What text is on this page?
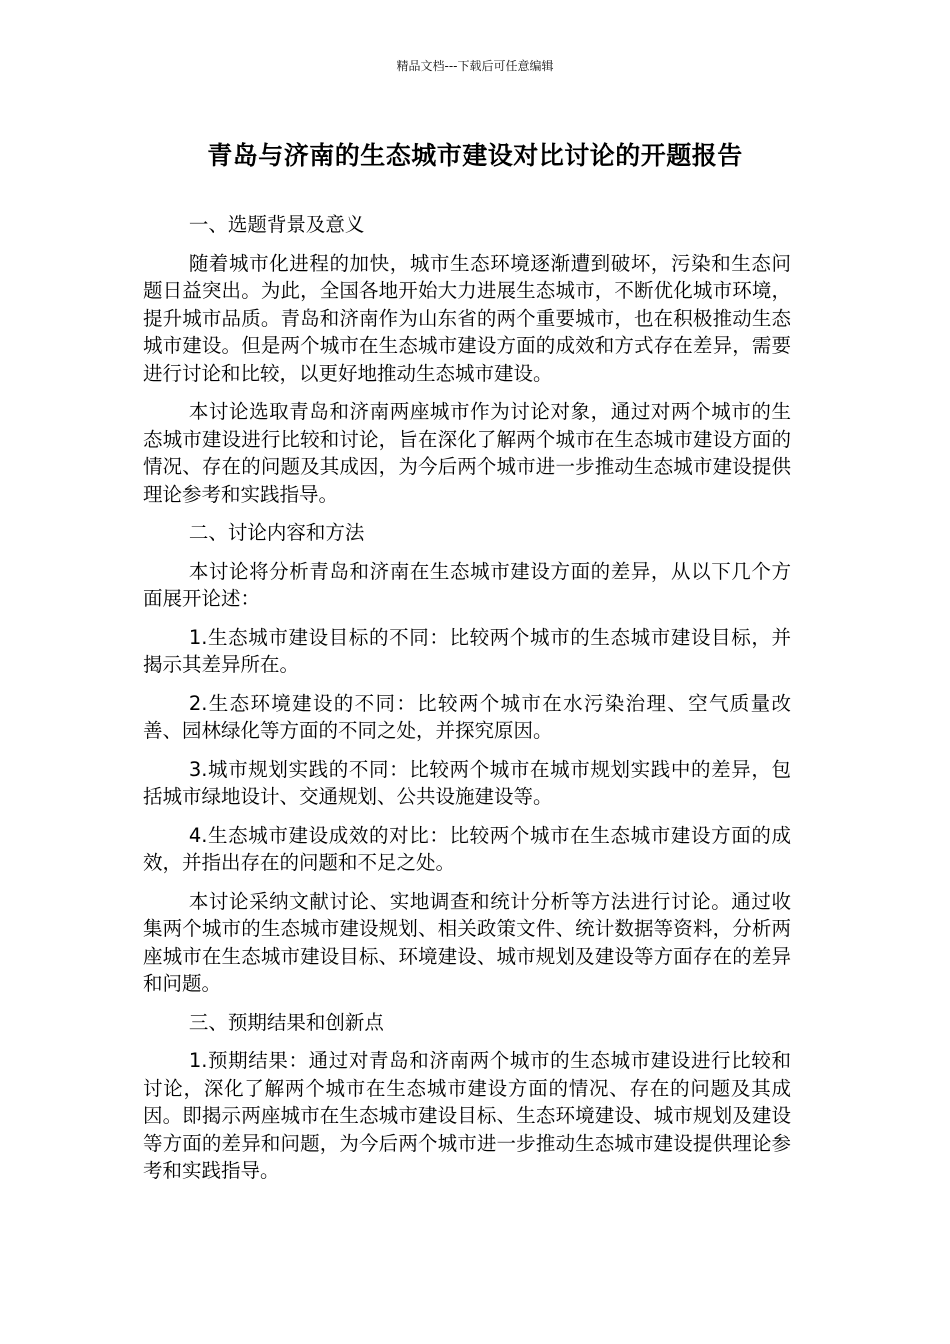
精品文档---下载后可任意编辑
青岛与济南的生态城市建设对比讨论的开题报告

一、选题背景及意义

随着城市化进程的加快，城市生态环境逐渐遭到破坏，污染和生态问题日益突出。为此，全国各地开始大力进展生态城市，不断优化城市环境，提升城市品质。青岛和济南作为山东省的两个重要城市，也在积极推动生态城市建设。但是两个城市在生态城市建设方面的成效和方式存在差异，需要进行讨论和比较，以更好地推动生态城市建设。

本讨论选取青岛和济南两座城市作为讨论对象，通过对两个城市的生态城市建设进行比较和讨论，旨在深化了解两个城市在生态城市建设方面的情况、存在的问题及其成因，为今后两个城市进一步推动生态城市建设提供理论参考和实践指导。

二、讨论内容和方法

本讨论将分析青岛和济南在生态城市建设方面的差异，从以下几个方面展开论述：

1.生态城市建设目标的不同：比较两个城市的生态城市建设目标，并揭示其差异所在。

2.生态环境建设的不同：比较两个城市在水污染治理、空气质量改善、园林绿化等方面的不同之处，并探究原因。

3.城市规划实践的不同：比较两个城市在城市规划实践中的差异，包括城市绿地设计、交通规划、公共设施建设等。

4.生态城市建设成效的对比：比较两个城市在生态城市建设方面的成效，并指出存在的问题和不足之处。

本讨论采纳文献讨论、实地调查和统计分析等方法进行讨论。通过收集两个城市的生态城市建设规划、相关政策文件、统计数据等资料，分析两座城市在生态城市建设目标、环境建设、城市规划及建设等方面存在的差异和问题。

三、预期结果和创新点

1.预期结果：通过对青岛和济南两个城市的生态城市建设进行比较和讨论，深化了解两个城市在生态城市建设方面的情况、存在的问题及其成因。即揭示两座城市在生态城市建设目标、生态环境建设、城市规划及建设等方面的差异和问题，为今后两个城市进一步推动生态城市建设提供理论参考和实践指导。
